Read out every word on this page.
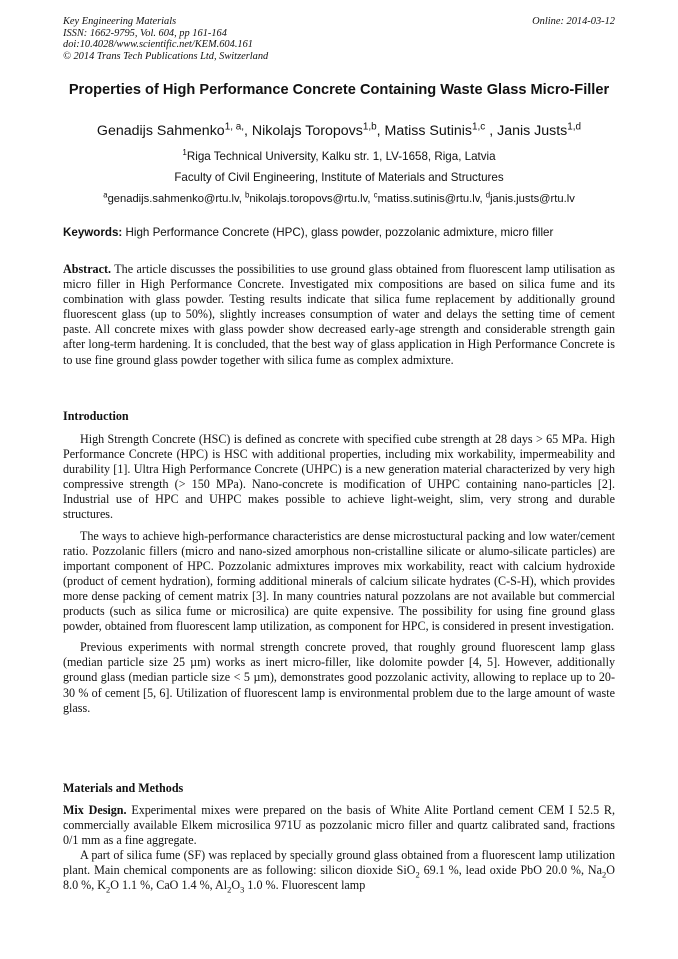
Key Engineering Materials
ISSN: 1662-9795, Vol. 604, pp 161-164
doi:10.4028/www.scientific.net/KEM.604.161
© 2014 Trans Tech Publications Ltd, Switzerland
Online: 2014-03-12
Properties of High Performance Concrete Containing Waste Glass Micro-Filler
Genadijs Sahmenko$^{1, a,}$, Nikolajs Toropovs$^{1,b}$, Matiss Sutinis$^{1,c}$ , Janis Justs$^{1,d}$
$^1$Riga Technical University, Kalku str. 1, LV-1658, Riga, Latvia
Faculty of Civil Engineering, Institute of Materials and Structures
$^a$genadijs.sahmenko@rtu.lv, $^b$nikolajs.toropovs@rtu.lv, $^c$matiss.sutinis@rtu.lv, $^d$janis.justs@rtu.lv
Keywords: High Performance Concrete (HPC), glass powder, pozzolanic admixture, micro filler

Abstract. The article discusses the possibilities to use ground glass obtained from fluorescent lamp utilisation as micro filler in High Performance Concrete. Investigated mix compositions are based on silica fume and its combination with glass powder. Testing results indicate that silica fume replacement by additionally ground fluorescent glass (up to 50%), slightly increases consumption of water and delays the setting time of cement paste. All concrete mixes with glass powder show decreased early-age strength and considerable strength gain after long-term hardening. It is concluded, that the best way of glass application in High Performance Concrete is to use fine ground glass powder together with silica fume as complex admixture.

Introduction

High Strength Concrete (HSC) is defined as concrete with specified cube strength at 28 days > 65 MPa. High Performance Concrete (HPC) is HSC with additional properties, including mix workability, impermeability and durability [1]. Ultra High Performance Concrete (UHPC) is a new generation material characterized by very high compressive strength (> 150 MPa). Nano-concrete is modification of UHPC containing nano-particles [2]. Industrial use of HPC and UHPC makes possible to achieve light-weight, slim, very strong and durable structures.

The ways to achieve high-performance characteristics are dense microstuctural packing and low water/cement ratio. Pozzolanic fillers (micro and nano-sized amorphous non-cristalline silicate or alumo-silicate particles) are important component of HPC. Pozzolanic admixtures improves mix workability, react with calcium hydroxide (product of cement hydration), forming additional minerals of calcium silicate hydrates (C-S-H), which provides more dense packing of cement matrix [3]. In many countries natural pozzolans are not available but commercial products (such as silica fume or microsilica) are quite expensive. The possibility for using fine ground glass powder, obtained from fluorescent lamp utilization, as component for HPC, is considered in present investigation.

Previous experiments with normal strength concrete proved, that roughly ground fluorescent lamp glass (median particle size 25 µm) works as inert micro-filler, like dolomite powder [4, 5]. However, additionally ground glass (median particle size < 5 µm), demonstrates good pozzolanic activity, allowing to replace up to 20-30 % of cement [5, 6]. Utilization of fluorescent lamp is environmental problem due to the large amount of waste glass.

Materials and Methods

Mix Design. Experimental mixes were prepared on the basis of White Alite Portland cement CEM I 52.5 R, commercially available Elkem microsilica 971U as pozzolanic micro filler and quartz calibrated sand, fractions 0/1 mm as a fine aggregate.

A part of silica fume (SF) was replaced by specially ground glass obtained from a fluorescent lamp utilization plant. Main chemical components are as following: silicon dioxide SiO$_2$ 69.1 %, lead oxide PbO 20.0 %, $Na_2O$ 8.0 %, $K_2O$ 1.1 %, CaO 1.4 %, $Al_2O_3$ 1.0 %. Fluorescent lamp
